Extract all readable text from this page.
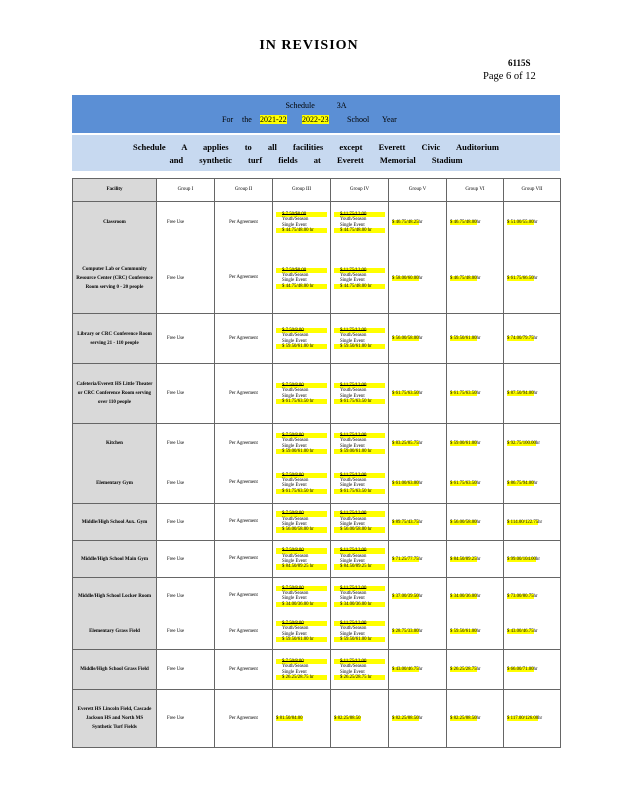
IN REVISION
6115S
Page 6 of 12
Schedule 3A
For the 2021-22 2022-23 School Year
Schedule A applies to all facilities except Everett Civic Auditorium
and synthetic turf fields at Everett Memorial Stadium
Facility	Group I	Group II	Group III	Group IV	Group V	Group VI	Group VII
Classroom	Free Use	Per Agreement	$ 7.50/$8.00
Youth/Season
Single Event
$ 44.75/48.00 hr	$ 11.75/12.00
Youth/Season
Single Event
$ 44.75/48.00 hr	$ 46.75/48.25hr	$ 46.75/48.00hr	$ 51.00/55.00hr
Computer Lab or Community Resource Center (CRC) Conference Room serving 0 - 20 people	Free Use	Per Agreement	$ 7.50/$8.00
Youth/Season
Single Event
$ 44.75/48.00 hr	$ 11.75/12.00
Youth/Season
Single Event
$ 44.75/48.00 hr	$ 58.00/60.00hr	$ 46.75/48.00hr	$ 61.75/66.50hr
Library or CRC Conference Room serving 21 - 110 people	Free Use	Per Agreement	$ 7.50/8.00
Youth/Season
Single Event
$ 59.50/61.00 hr	$ 11.75/12.00
Youth/Season
Single Event
$ 59.50/61.00 hr	$ 56.00/58.00hr	$ 59.50/61.00hr	$ 74.00/79.75hr
Cafeteria/Everett HS Little Theater or CRC Conference Room serving over 110 people	Free Use	Per Agreement	$ 7.50/8.00
Youth/Season
Single Event
$ 61.75/63.50 hr	$ 11.75/12.00
Youth/Season
Single Event
$ 61.75/63.50 hr	$ 61.75/63.50hr	$ 61.75/63.50hr	$ 87.50/94.00hr
Kitchen	Free Use	Per Agreement	$ 7.50/8.00
Youth/Season
Single Event
$ 59.00/61.00 hr	$ 11.75/12.00
Youth/Season
Single Event
$ 59.00/61.00 hr	$ 83.25/85.75hr	$ 59.00/61.00hr	$ 92.75/100.00hr
Elementary Gym	Free Use	Per Agreement	$ 7.50/8.00
Youth/Season
Single Event
$ 61.75/63.50 hr	$ 11.75/12.00
Youth/Season
Single Event
$ 61.75/63.50 hr	$ 61.00/63.00hr	$ 61.75/63.50hr	$ 86.75/94.00hr
Middle/High School Aux. Gym	Free Use	Per Agreement	$ 7.50/8.00
Youth/Season
Single Event
$ 56.00/58.00 hr	$ 11.75/12.00
Youth/Season
Single Event
$ 56.00/58.00 hr	$ 89.75/43.75hr	$ 56.00/58.00hr	$ 114.00/122.75hr
Middle/High School Main Gym	Free Use	Per Agreement	$ 7.50/8.00
Youth/Season
Single Event
$ 84.50/89.25 hr	$ 11.75/12.00
Youth/Season
Single Event
$ 84.50/89.25 hr	$ 71.25/77.75hr	$ 84.50/89.25hr	$ 99.00/104.00hr
Middle/High School Locker Room	Free Use	Per Agreement	$ 7.50/8.00
Youth/Season
Single Event
$ 34.00/36.00 hr	$ 11.75/12.00
Youth/Season
Single Event
$ 34.00/36.00 hr	$ 37.00/39.50hr	$ 34.00/36.00hr	$ 73.00/80.75hr
Elementary Grass Field	Free Use	Per Agreement	$ 7.50/8.00
Youth/Season
Single Event
$ 59.50/61.00 hr	$ 11.75/12.00
Youth/Season
Single Event
$ 59.50/61.00 hr	$ 28.75/33.00hr	$ 59.50/61.00hr	$ 43.00/46.75hr
Middle/High School Grass Field	Free Use	Per Agreement	$ 7.50/8.00
Youth/Season
Single Event
$ 26.25/28.75 hr	$ 11.75/12.00
Youth/Season
Single Event
$ 26.25/28.75 hr	$ 43.00/46.75hr	$ 26.25/28.75hr	$ 66.00/71.00hr
Everett HS Lincoln Field, Cascade Jackson HS and North MS Synthetic Turf Fields	Free Use	Per Agreement	$ 81.50/84.00	$ 82.25/88.50	$ 82.25/88.50hr	$ 82.25/88.50hr	$ 117.00/126.00hr
